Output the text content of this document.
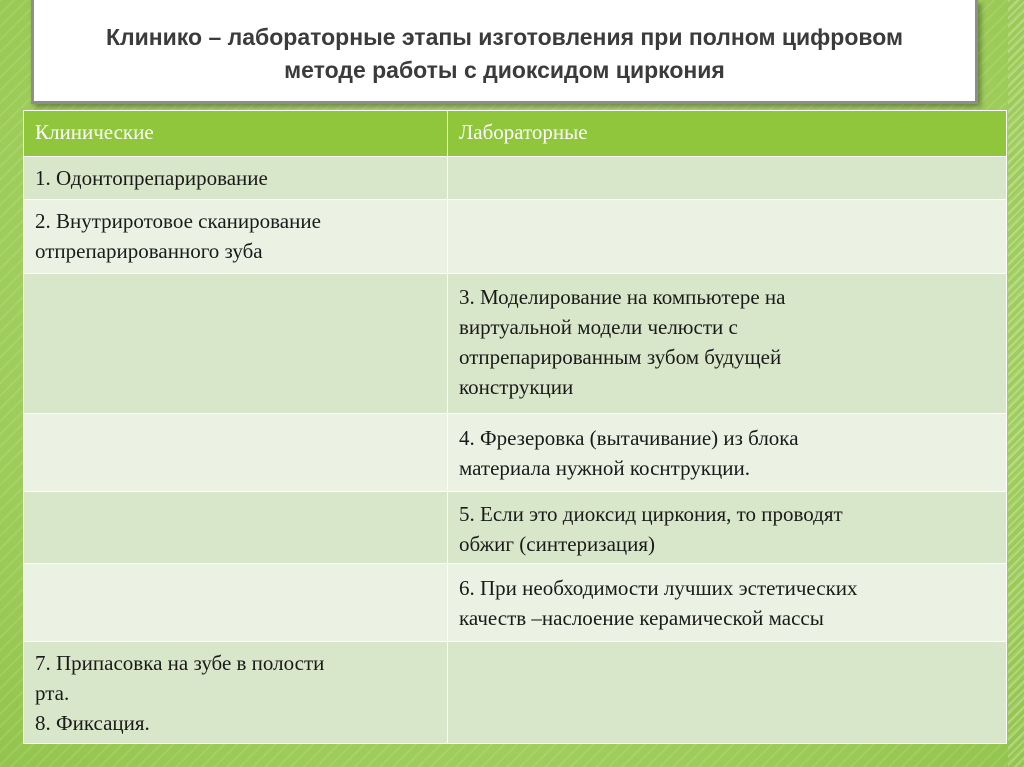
Клинико – лабораторные этапы изготовления при полном цифровом методе работы с диоксидом циркония
Клинические	Лабораторные

1. Одонтопрепарирование	

2. Внутриротовое сканирование
отпрепарированного зуба	

	3. Моделирование на компьютере на
виртуальной модели челюсти с
отпрепарированным зубом будущей
конструкции

	4. Фрезеровка (вытачивание) из блока
материала нужной коснтрукции.

	5. Если это диоксид циркония, то проводят
обжиг (синтеризация)

	6. При необходимости лучших эстетических
качеств –наслоение керамической массы

7. Припасовка на зубе в полости
рта.
8. Фиксация.	
